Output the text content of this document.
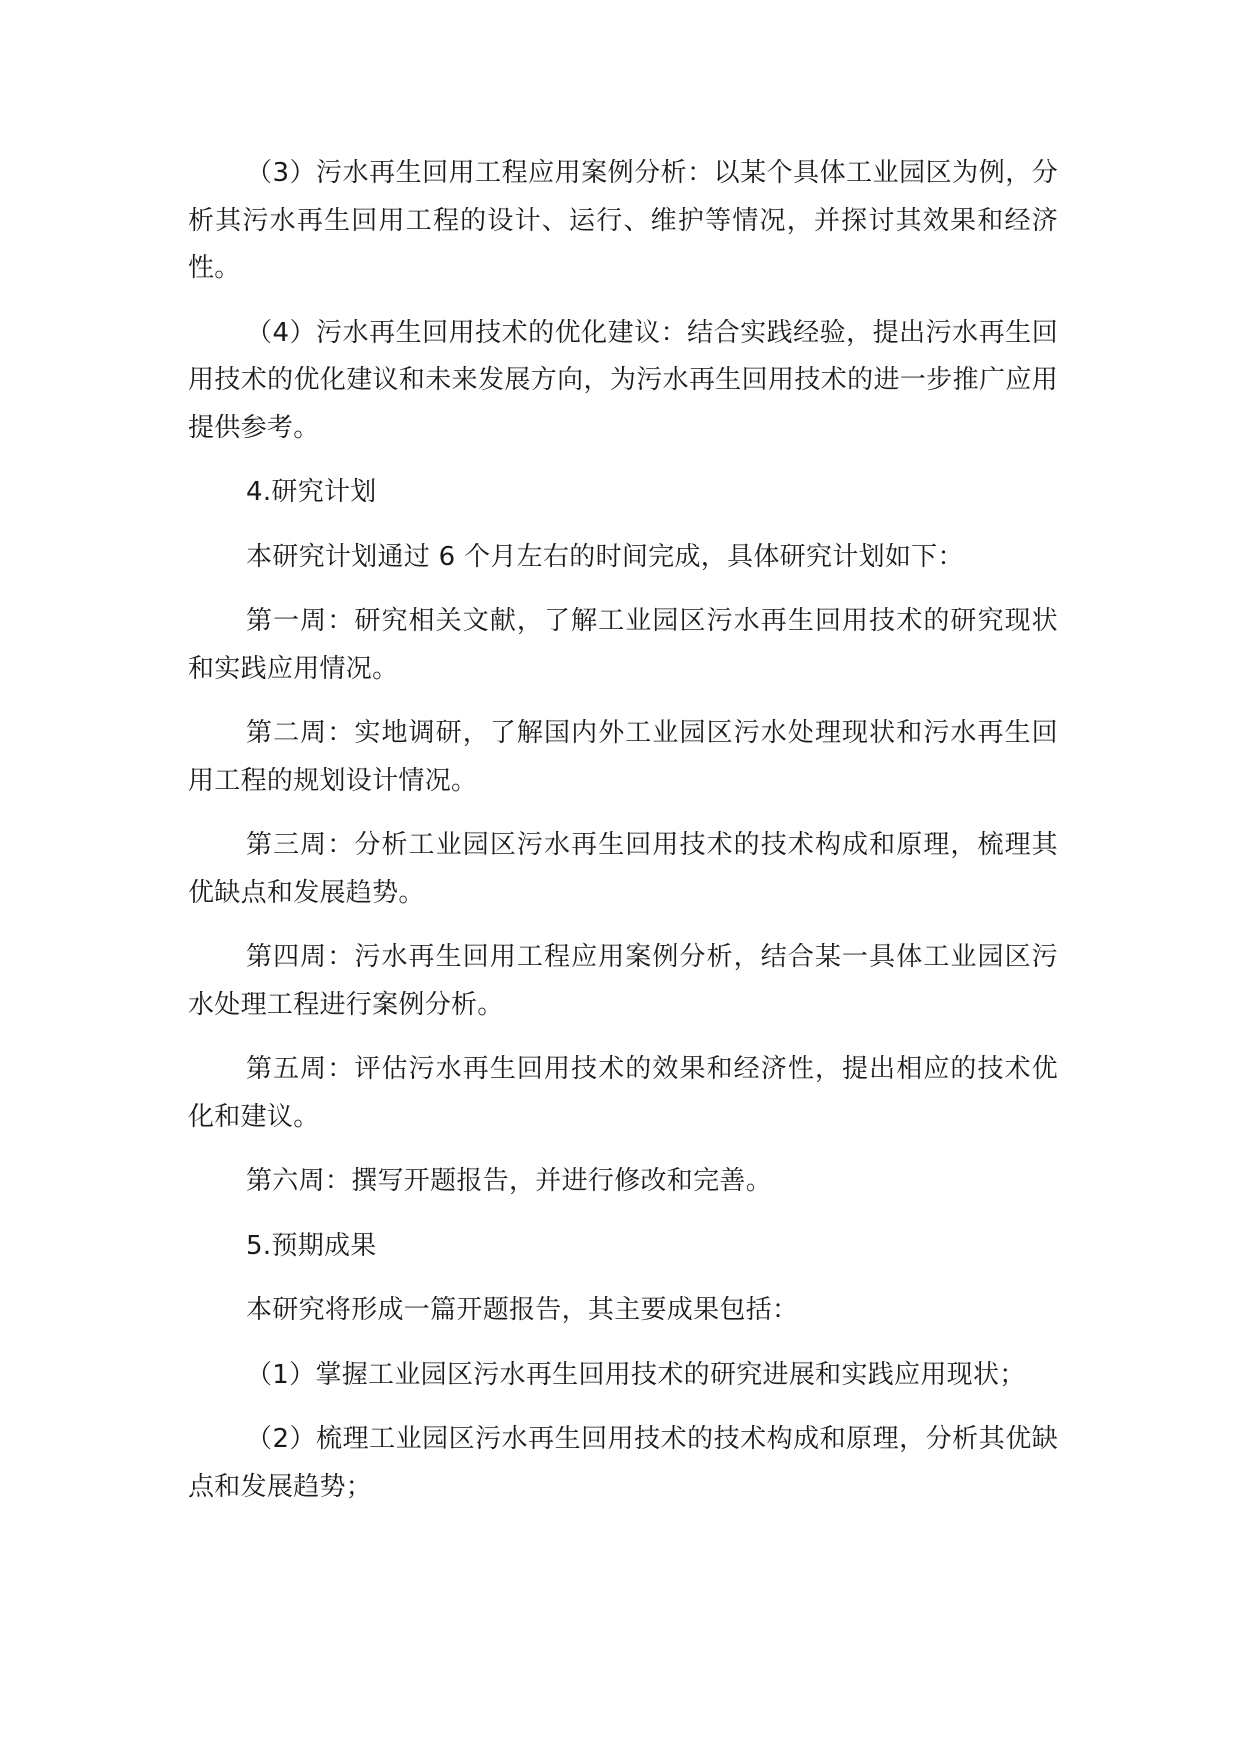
（3）污水再生回用工程应用案例分析：以某个具体工业园区为例，分析其污水再生回用工程的设计、运行、维护等情况，并探讨其效果和经济性。

（4）污水再生回用技术的优化建议：结合实践经验，提出污水再生回用技术的优化建议和未来发展方向，为污水再生回用技术的进一步推广应用提供参考。

4.研究计划

本研究计划通过 6 个月左右的时间完成，具体研究计划如下：

第一周：研究相关文献，了解工业园区污水再生回用技术的研究现状和实践应用情况。

第二周：实地调研，了解国内外工业园区污水处理现状和污水再生回用工程的规划设计情况。

第三周：分析工业园区污水再生回用技术的技术构成和原理，梳理其优缺点和发展趋势。

第四周：污水再生回用工程应用案例分析，结合某一具体工业园区污水处理工程进行案例分析。

第五周：评估污水再生回用技术的效果和经济性，提出相应的技术优化和建议。

第六周：撰写开题报告，并进行修改和完善。

5.预期成果

本研究将形成一篇开题报告，其主要成果包括：

（1）掌握工业园区污水再生回用技术的研究进展和实践应用现状；

（2）梳理工业园区污水再生回用技术的技术构成和原理，分析其优缺点和发展趋势；
